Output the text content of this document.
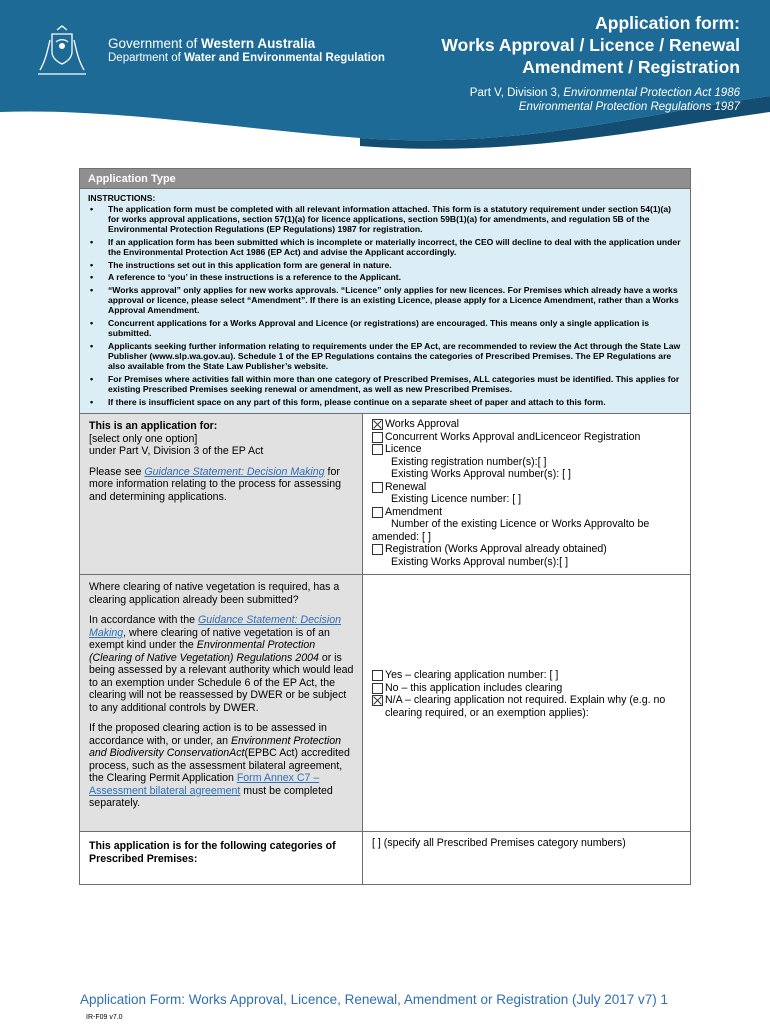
Government of Western Australia
Department of Water and Environmental Regulation
Application form:
Works Approval / Licence / Renewal
Amendment / Registration
Part V, Division 3, Environmental Protection Act 1986
Environmental Protection Regulations 1987
Application Type
INSTRUCTIONS:
• The application form must be completed with all relevant information attached. This form is a statutory requirement under section 54(1)(a) for works approval applications, section 57(1)(a) for licence applications, section 59B(1)(a) for amendments, and regulation 5B of the Environmental Protection Regulations (EP Regulations) 1987 for registration.
• If an application form has been submitted which is incomplete or materially incorrect, the CEO will decline to deal with the application under the Environmental Protection Act 1986 (EP Act) and advise the Applicant accordingly.
• The instructions set out in this application form are general in nature.
• A reference to ‘you’ in these instructions is a reference to the Applicant.
• “Works approval” only applies for new works approvals. “Licence” only applies for new licences. For Premises which already have a works approval or licence, please select “Amendment”. If there is an existing Licence, please apply for a Licence Amendment, rather than a Works Approval Amendment.
• Concurrent applications for a Works Approval and Licence (or registrations) are encouraged. This means only a single application is submitted.
• Applicants seeking further information relating to requirements under the EP Act, are recommended to review the Act through the State Law Publisher (www.slp.wa.gov.au). Schedule 1 of the EP Regulations contains the categories of Prescribed Premises. The EP Regulations are also available from the State Law Publisher’s website.
• For Premises where activities fall within more than one category of Prescribed Premises, ALL categories must be identified. This applies for existing Prescribed Premises seeking renewal or amendment, as well as new Prescribed Premises.
• If there is insufficient space on any part of this form, please continue on a separate sheet of paper and attach to this form.
This is an application for:
[select only one option]
under Part V, Division 3 of the EP Act
Please see Guidance Statement: Decision Making for more information relating to the process for assessing and determining applications.
Works Approval
Concurrent Works Approval andLicenceor Registration
Licence
Existing registration number(s):[ ]
Existing Works Approval number(s): [ ]
Renewal
Existing Licence number: [ ]
Amendment
Number of the existing Licence or Works Approvalto be
amended: [ ]
Registration (Works Approval already obtained)
Existing Works Approval number(s):[ ]

Where clearing of native vegetation is required, has a clearing application already been submitted?

In accordance with the Guidance Statement: Decision Making, where clearing of native vegetation is of an exempt kind under the Environmental Protection (Clearing of Native Vegetation) Regulations 2004 or is being assessed by a relevant authority which would lead to an exemption under Schedule 6 of the EP Act, the clearing will not be reassessed by DWER or be subject to any additional controls by DWER.

If the proposed clearing action is to be assessed in accordance with, or under, an Environment Protection and Biodiversity ConservationAct(EPBC Act) accredited process, such as the assessment bilateral agreement, the Clearing Permit Application Form Annex C7 – Assessment bilateral agreement must be completed separately.

Yes – clearing application number: [ ]
No – this application includes clearing
N/A – clearing application not required. Explain why (e.g. no clearing required, or an exemption applies):
This application is for the following categories of Prescribed Premises:
[ ] (specify all Prescribed Premises category numbers)
Application Form: Works Approval, Licence, Renewal, Amendment or Registration (July 2017 v7) 1
IR-F09 v7.0
